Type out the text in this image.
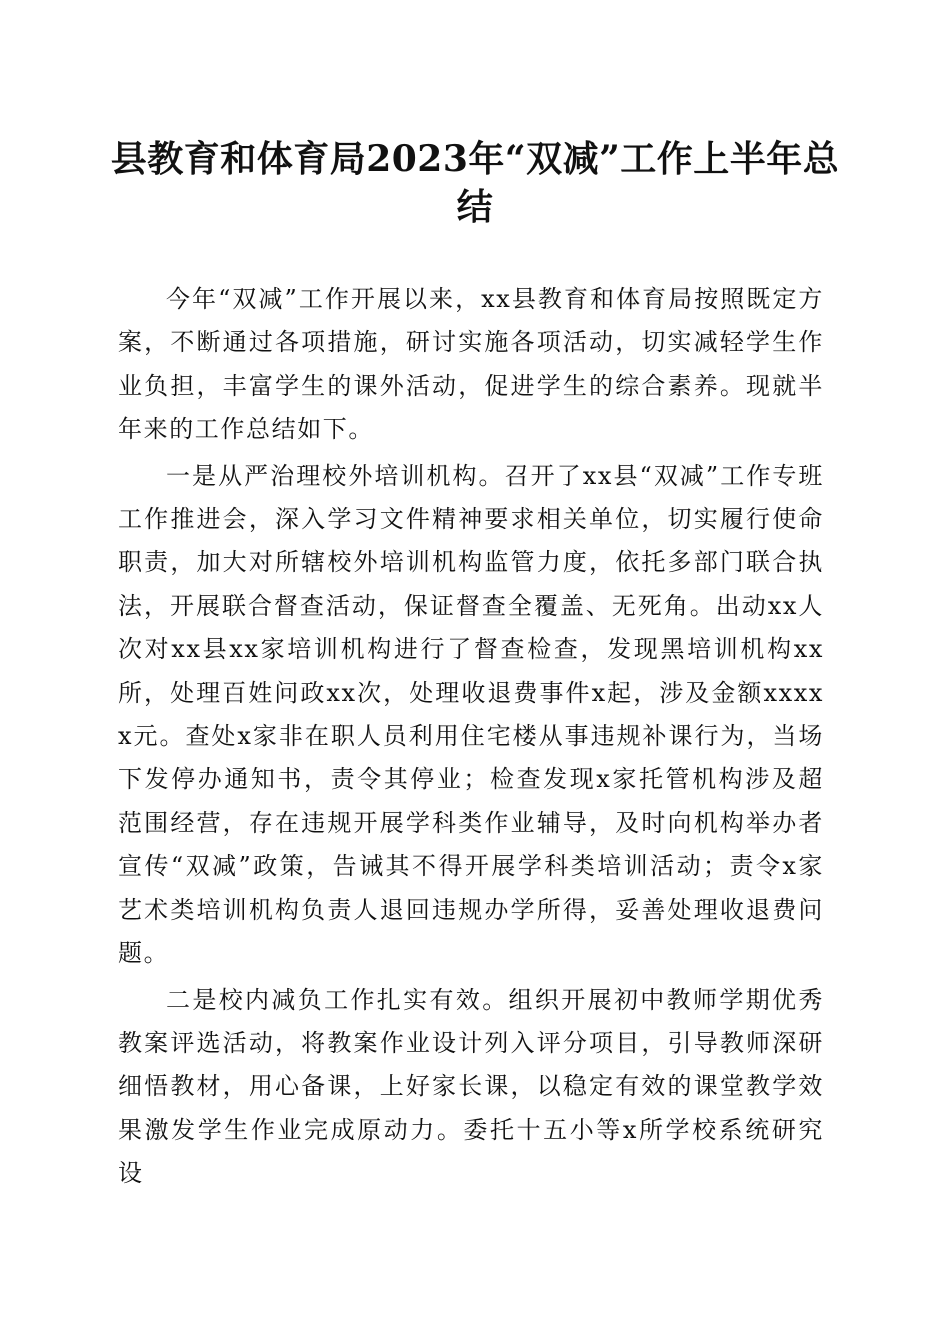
县教育和体育局2023年“双减”工作上半年总结

今年“双减”工作开展以来，xx县教育和体育局按照既定方案，不断通过各项措施，研讨实施各项活动，切实减轻学生作业负担，丰富学生的课外活动，促进学生的综合素养。现就半年来的工作总结如下。

一是从严治理校外培训机构。召开了xx县“双减”工作专班工作推进会，深入学习文件精神要求相关单位，切实履行使命职责，加大对所辖校外培训机构监管力度，依托多部门联合执法，开展联合督查活动，保证督查全覆盖、无死角。出动xx人次对xx县xx家培训机构进行了督查检查，发现黑培训机构xx所，处理百姓问政xx次，处理收退费事件x起，涉及金额xxxxx元。查处x家非在职人员利用住宅楼从事违规补课行为，当场下发停办通知书，责令其停业；检查发现x家托管机构涉及超范围经营，存在违规开展学科类作业辅导，及时向机构举办者宣传“双减”政策，告诫其不得开展学科类培训活动；责令x家艺术类培训机构负责人退回违规办学所得，妥善处理收退费问题。

二是校内减负工作扎实有效。组织开展初中教师学期优秀教案评选活动，将教案作业设计列入评分项目，引导教师深研细悟教材，用心备课，上好家长课，以稳定有效的课堂教学效果激发学生作业完成原动力。委托十五小等x所学校系统研究设
